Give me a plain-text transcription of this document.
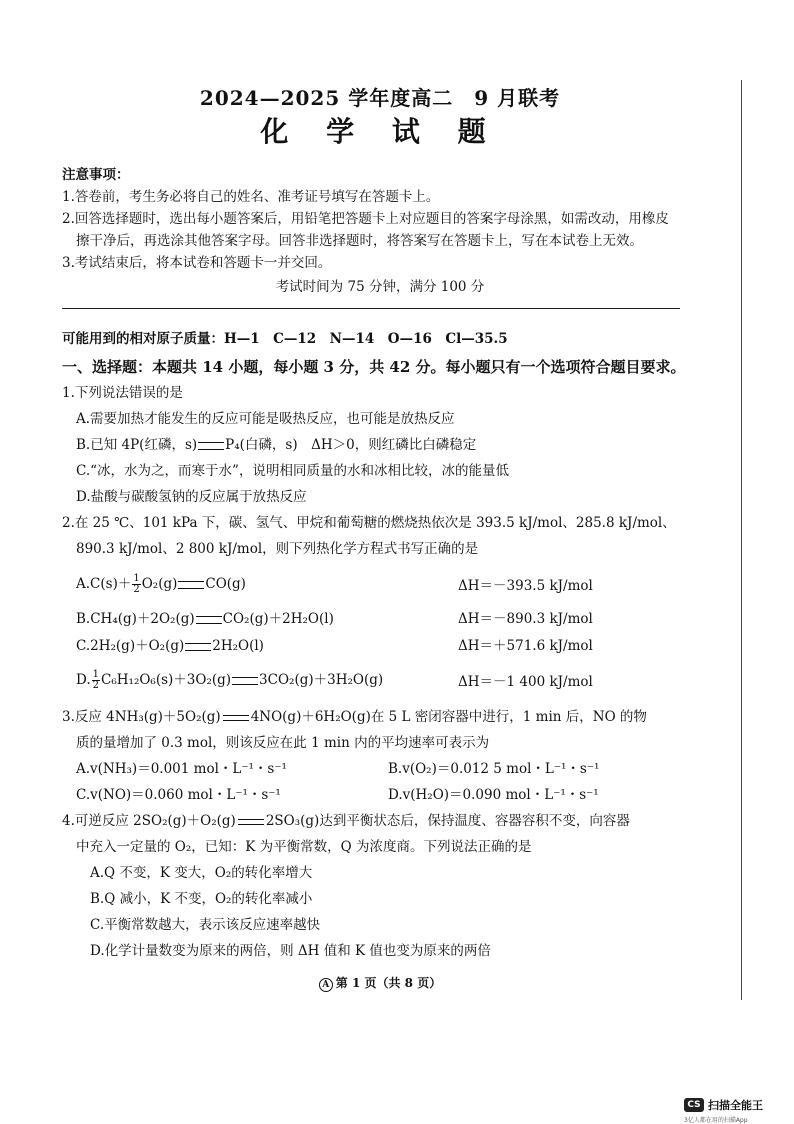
2024—2025 学年度高二　9 月联考
化 学 试 题
注意事项：
1.答卷前，考生务必将自己的姓名、准考证号填写在答题卡上。
2.回答选择题时，选出每小题答案后，用铅笔把答题卡上对应题目的答案字母涂黑，如需改动，用橡皮
擦干净后，再选涂其他答案字母。回答非选择题时，将答案写在答题卡上，写在本试卷上无效。
3.考试结束后，将本试卷和答题卡一并交回。
考试时间为 75 分钟，满分 100 分
可能用到的相对原子质量：H—1　C—12　N—14　O—16　Cl—35.5
一、选择题：本题共 14 小题，每小题 3 分，共 42 分。每小题只有一个选项符合题目要求。
1.下列说法错误的是
A.需要加热才能发生的反应可能是吸热反应，也可能是放热反应
B.已知 4P(红磷，s) P₄(白磷，s)　ΔH＞0，则红磷比白磷稳定
C.“冰，水为之，而寒于水”，说明相同质量的水和冰相比较，冰的能量低
D.盐酸与碳酸氢钠的反应属于放热反应
2.在 25 ℃、101 kPa 下，碳、氢气、甲烷和葡萄糖的燃烧热依次是 393.5 kJ/mol、285.8 kJ/mol、
890.3 kJ/mol、2 800 kJ/mol，则下列热化学方程式书写正确的是
$A.C(s)+ \frac{1}{2} O_2(g)$ CO(g)	ΔH＝－393.5 kJ/mol
B.CH₄(g)＋2O₂(g) CO₂(g)＋2H₂O(l)	ΔH＝－890.3 kJ/mol
C.2H₂(g)＋O₂(g) 2H₂O(l)	ΔH＝＋571.6 kJ/mol
D. $\frac{1}{2} C_6H_{12}O_6(s)+3O_2(g)$ 3CO₂(g)＋3H₂O(g)	ΔH＝－1 400 kJ/mol
3.反应 4NH₃(g)＋5O₂(g) 4NO(g)＋6H₂O(g)在 5 L 密闭容器中进行，1 min 后，NO 的物
质的量增加了 0.3 mol，则该反应在此 1 min 内的平均速率可表示为
A.v(NH₃)＝0.001 mol・L⁻¹・s⁻¹	B.v(O₂)＝0.012 5 mol・L⁻¹・s⁻¹
C.v(NO)＝0.060 mol・L⁻¹・s⁻¹	D.v(H₂O)＝0.090 mol・L⁻¹・s⁻¹
4.可逆反应 2SO₂(g)＋O₂(g) 2SO₃(g)达到平衡状态后，保持温度、容器容积不变，向容器
中充入一定量的 O₂，已知：K 为平衡常数，Q 为浓度商。下列说法正确的是
A.Q 不变，K 变大，O₂的转化率增大
B.Q 减小，K 不变，O₂的转化率减小
C.平衡常数越大，表示该反应速率越快
D.化学计量数变为原来的两倍，则 ΔH 值和 K 值也变为原来的两倍
A 第 1 页（共 8 页）
CS 扫描全能王
3亿人都在用的扫描App
